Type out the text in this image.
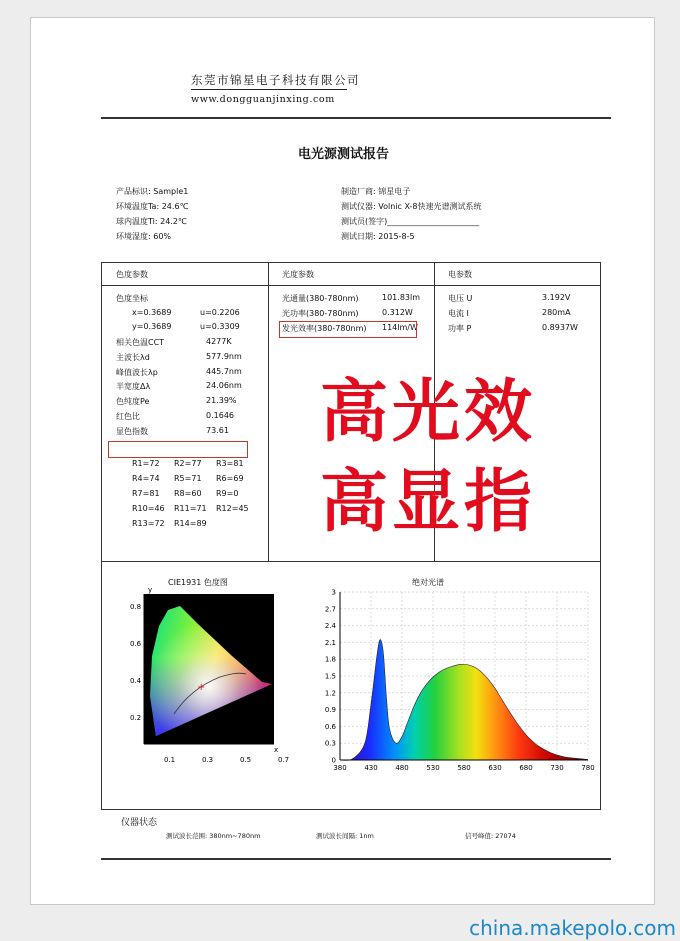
东莞市锦星电子科技有限公司
www.dongguanjinxing.com
电光源测试报告
产品标识: Sample1
环境温度Ta: 24.6℃
球内温度Ti: 24.2℃
环境湿度: 60%
制造厂商: 锦星电子
测试仪器: Volnic X-8快速光谱测试系统
测试员(签字)_______________________
测试日期: 2015-8-5
色度参数	光度参数	电参数
色度坐标
x=0.3689	u=0.2206
y=0.3689	u=0.3309
相关色温CCT	4277K
主波长λd	577.9nm
峰值波长λp	445.7nm
半宽度Δλ	24.06nm
色纯度Pe	21.39%
红色比	0.1646
显色指数	73.61
R1=72 R2=77 R3=81
R4=74 R5=71 R6=69
R7=81 R8=60 R9=0
R10=46 R11=71 R12=45
R13=72 R14=89
光通量(380-780nm)	101.83lm
光功率(380-780nm)	0.312W
发光效率(380-780nm) 114lm/W
电压 U	3.192V
电流 I	280mA
功率 P	0.8937W
高光效
高显指
CIE1931 色度图
+
y
x
0.8
0.6
0.4
0.2
0.1	0.3	0.5	0.7
绝对光谱
3
2.7
2.4
2.1
1.8
1.5
1.2
0.9
0.6
0.3
0
380	430	480	530	580	630	680	730	780
仪器状态
测试波长范围: 380nm~780nm	测试波长间隔: 1nm	信号峰值: 27074
china.makepolo.com
